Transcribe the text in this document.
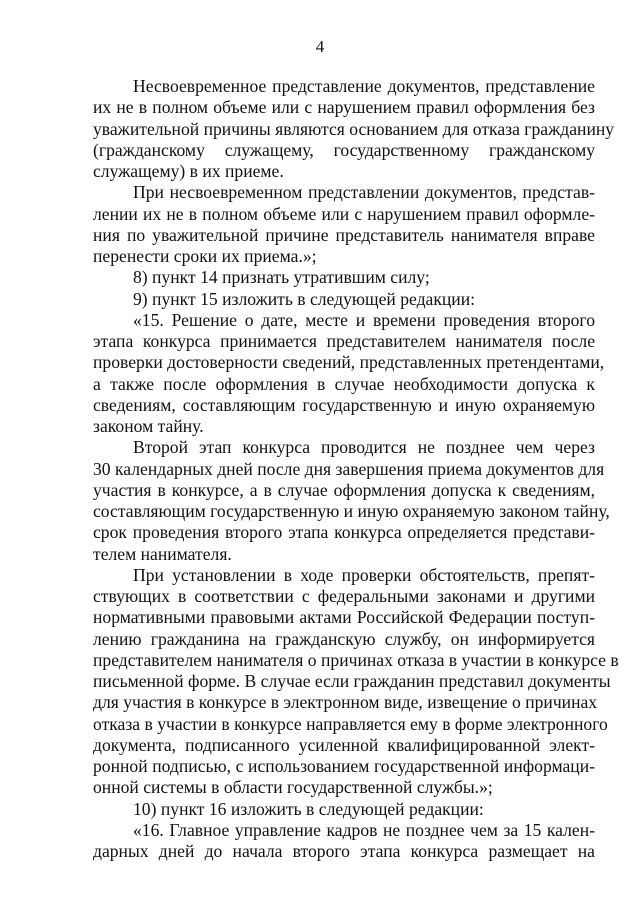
4
Несвоевременное представление документов, представление
их не в полном объеме или с нарушением правил оформления без
уважительной причины являются основанием для отказа гражданину
(гражданскому служащему, государственному гражданскому
служащему) в их приеме.
При несвоевременном представлении документов, представ-
лении их не в полном объеме или с нарушением правил оформле-
ния по уважительной причине представитель нанимателя вправе
перенести сроки их приема.»;
8) пункт 14 признать утратившим силу;
9) пункт 15 изложить в следующей редакции:
«15. Решение о дате, месте и времени проведения второго
этапа конкурса принимается представителем нанимателя после
проверки достоверности сведений, представленных претендентами,
а также после оформления в случае необходимости допуска к
сведениям, составляющим государственную и иную охраняемую
законом тайну.
Второй этап конкурса проводится не позднее чем через
30 календарных дней после дня завершения приема документов для
участия в конкурсе, а в случае оформления допуска к сведениям,
составляющим государственную и иную охраняемую законом тайну,
срок проведения второго этапа конкурса определяется представи-
телем нанимателя.
При установлении в ходе проверки обстоятельств, препят-
ствующих в соответствии с федеральными законами и другими
нормативными правовыми актами Российской Федерации поступ-
лению гражданина на гражданскую службу, он информируется
представителем нанимателя о причинах отказа в участии в конкурсе в
письменной форме. В случае если гражданин представил документы
для участия в конкурсе в электронном виде, извещение о причинах
отказа в участии в конкурсе направляется ему в форме электронного
документа, подписанного усиленной квалифицированной элект-
ронной подписью, с использованием государственной информаци-
онной системы в области государственной службы.»;
10) пункт 16 изложить в следующей редакции:
«16. Главное управление кадров не позднее чем за 15 кален-
дарных дней до начала второго этапа конкурса размещает на
